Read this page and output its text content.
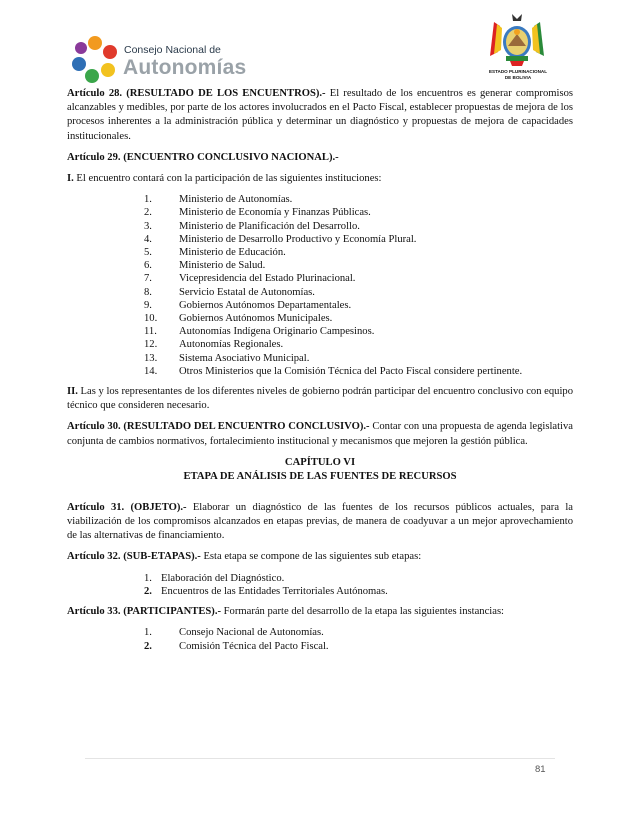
Consejo Nacional de
Autonomías	ESTADO PLURINACIONAL
DE BOLIVIA

Artículo 28. (RESULTADO DE LOS ENCUENTROS).- El resultado de los encuentros es generar compromisos alcanzables y medibles, por parte de los actores involucrados en el Pacto Fiscal, establecer propuestas de mejora de los procesos inherentes a la administración pública y determinar un diagnóstico y propuestas de mejora de capacidades institucionales.

Artículo 29. (ENCUENTRO CONCLUSIVO NACIONAL).-

I. El encuentro contará con la participación de las siguientes instituciones:

1.	Ministerio de Autonomías.
2.	Ministerio de Economía y Finanzas Públicas.
3.	Ministerio de Planificación del Desarrollo.
4.	Ministerio de Desarrollo Productivo y Economía Plural.
5.	Ministerio de Educación.
6.	Ministerio de Salud.
7.	Vicepresidencia del Estado Plurinacional.
8.	Servicio Estatal de Autonomías.
9.	Gobiernos Autónomos Departamentales.
10. Gobiernos Autónomos Municipales.
11. Autonomías Indígena Originario Campesinos.
12. Autonomías Regionales.
13. Sistema Asociativo Municipal.
14. Otros Ministerios que la Comisión Técnica del Pacto Fiscal considere pertinente.

II. Las y los representantes de los diferentes niveles de gobierno podrán participar del encuentro conclusivo con equipo técnico que consideren necesario.

Artículo 30. (RESULTADO DEL ENCUENTRO CONCLUSIVO).- Contar con una propuesta de agenda legislativa conjunta de cambios normativos, fortalecimiento institucional y mecanismos que mejoren la gestión pública.

CAPÍTULO VI
ETAPA DE ANÁLISIS DE LAS FUENTES DE RECURSOS

Artículo 31. (OBJETO).- Elaborar un diagnóstico de las fuentes de los recursos públicos actuales, para la viabilización de los compromisos alcanzados en etapas previas, de manera de coadyuvar a un mejor aprovechamiento de las alternativas de financiamiento.

Artículo 32. (SUB-ETAPAS).- Esta etapa se compone de las siguientes sub etapas:

1. Elaboración del Diagnóstico.
2. Encuentros de las Entidades Territoriales Autónomas.

Artículo 33. (PARTICIPANTES).- Formarán parte del desarrollo de la etapa las siguientes instancias:

1.	Consejo Nacional de Autonomías.
2.	Comisión Técnica del Pacto Fiscal.
81
